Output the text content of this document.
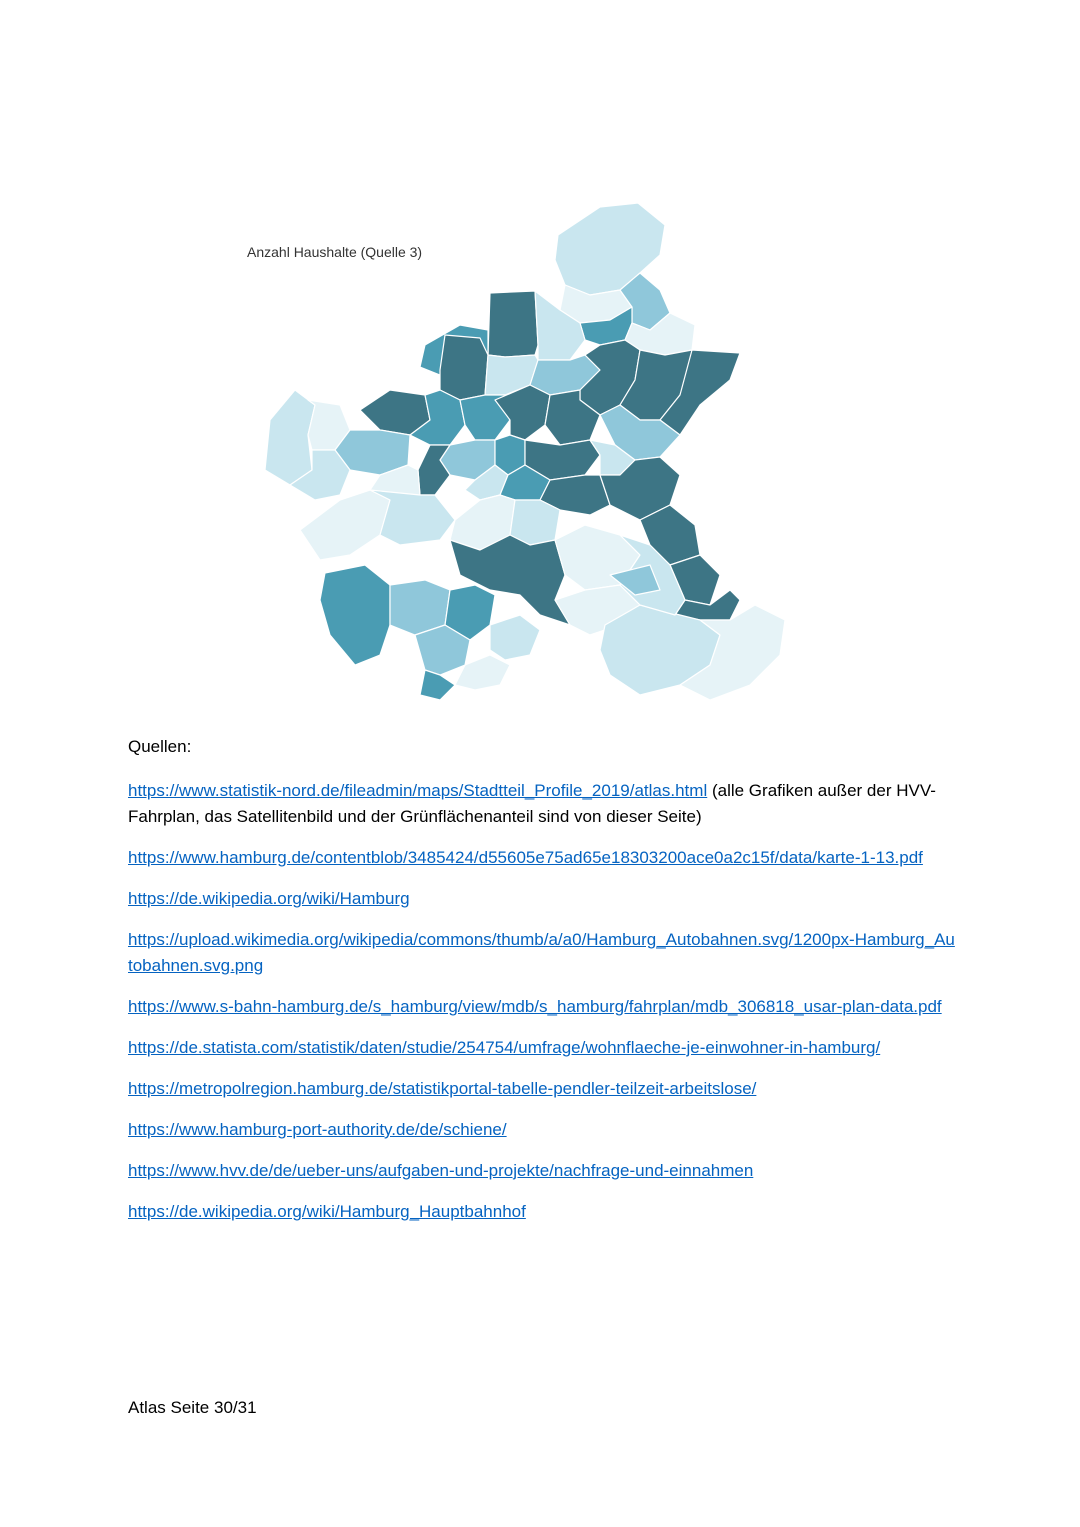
Anzahl Haushalte (Quelle 3)
Quellen:
https://www.statistik-nord.de/fileadmin/maps/Stadtteil_Profile_2019/atlas.html (alle Grafiken außer der HVV-Fahrplan, das Satellitenbild und der Grünflächenanteil sind von dieser Seite)
https://www.hamburg.de/contentblob/3485424/d55605e75ad65e18303200ace0a2c15f/data/karte-1-13.pdf
https://de.wikipedia.org/wiki/Hamburg
https://upload.wikimedia.org/wikipedia/commons/thumb/a/a0/Hamburg_Autobahnen.svg/1200px-Hamburg_Autobahnen.svg.png
https://www.s-bahn-hamburg.de/s_hamburg/view/mdb/s_hamburg/fahrplan/mdb_306818_usar-plan-data.pdf
https://de.statista.com/statistik/daten/studie/254754/umfrage/wohnflaeche-je-einwohner-in-hamburg/
https://metropolregion.hamburg.de/statistikportal-tabelle-pendler-teilzeit-arbeitslose/
https://www.hamburg-port-authority.de/de/schiene/
https://www.hvv.de/de/ueber-uns/aufgaben-und-projekte/nachfrage-und-einnahmen
https://de.wikipedia.org/wiki/Hamburg_Hauptbahnhof
Atlas Seite 30/31
